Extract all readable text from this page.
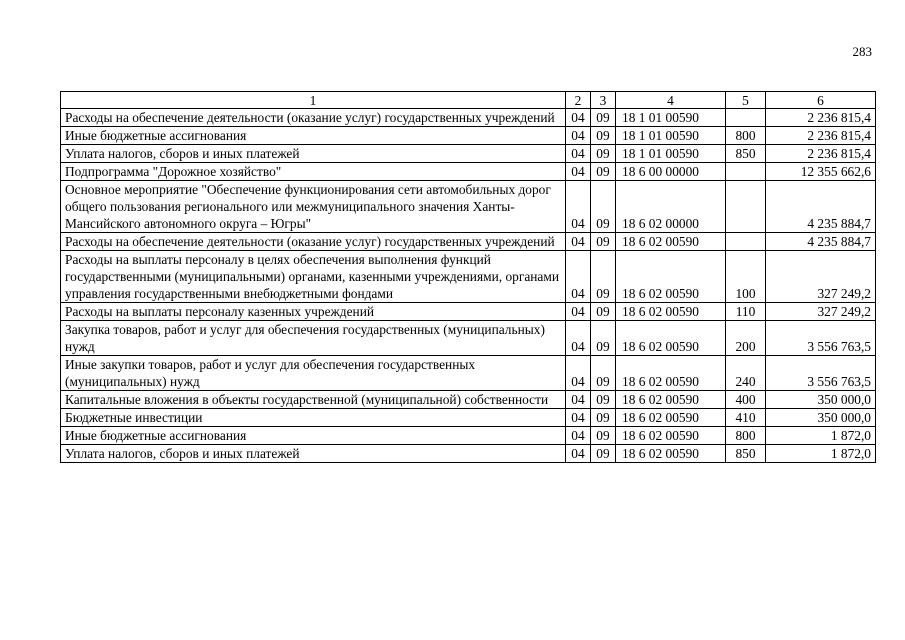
283
1	2	3	4	5	6
Расходы на обеспечение деятельности (оказание услуг) государственных учреждений	04	09	18 1 01 00590		2 236 815,4
Иные бюджетные ассигнования	04	09	18 1 01 00590	800	2 236 815,4
Уплата налогов, сборов и иных платежей	04	09	18 1 01 00590	850	2 236 815,4
Подпрограмма "Дорожное хозяйство"	04	09	18 6 00 00000		12 355 662,6
Основное мероприятие "Обеспечение функционирования сети автомобильных дорог общего пользования регионального или межмуниципального значения Ханты-Мансийского автономного округа – Югры"	04	09	18 6 02 00000		4 235 884,7
Расходы на обеспечение деятельности (оказание услуг) государственных учреждений	04	09	18 6 02 00590		4 235 884,7
Расходы на выплаты персоналу в целях обеспечения выполнения функций государственными (муниципальными) органами, казенными учреждениями, органами управления государственными внебюджетными фондами	04	09	18 6 02 00590	100	327 249,2
Расходы на выплаты персоналу казенных учреждений	04	09	18 6 02 00590	110	327 249,2
Закупка товаров, работ и услуг для обеспечения государственных (муниципальных) нужд	04	09	18 6 02 00590	200	3 556 763,5
Иные закупки товаров, работ и услуг для обеспечения государственных (муниципальных) нужд	04	09	18 6 02 00590	240	3 556 763,5
Капитальные вложения в объекты государственной (муниципальной) собственности	04	09	18 6 02 00590	400	350 000,0
Бюджетные инвестиции	04	09	18 6 02 00590	410	350 000,0
Иные бюджетные ассигнования	04	09	18 6 02 00590	800	1 872,0
Уплата налогов, сборов и иных платежей	04	09	18 6 02 00590	850	1 872,0
